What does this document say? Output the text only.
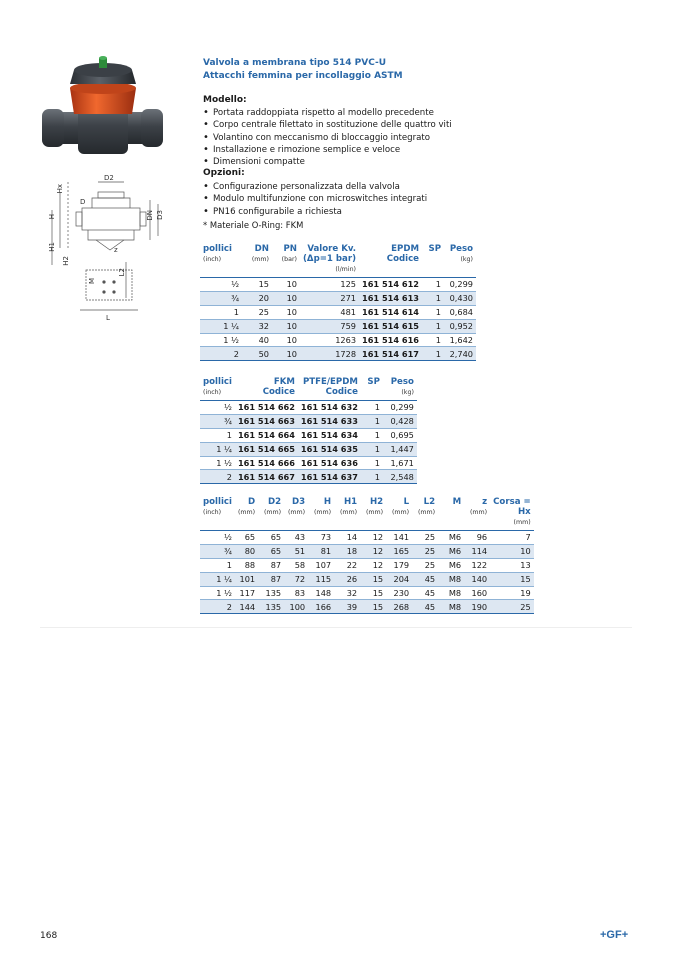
Hx
D2
D
DN D3
H
H1
H2
z
L2
M
L
Valvola a membrana tipo 514 PVC-U
Attacchi femmina per incollaggio ASTM
Modello:
• Portata raddoppiata rispetto al modello precedente
• Corpo centrale filettato in sostituzione delle quattro viti
• Volantino con meccanismo di bloccaggio integrato
• Installazione e rimozione semplice e veloce
• Dimensioni compatte
Opzioni:
• Configurazione personalizzata della valvola
• Modulo multifunzione con microswitches integrati
• PN16 configurabile a richiesta
* Materiale O-Ring: FKM
pollici	DN	PN	Valore Kv.	EPDM	SP	Peso
(inch)	(mm)	(bar)	(Δp=1 bar)	Codice		(kg)
			(l/min)			
½	15	10	125	161 514 612	1	0,299
¾	20	10	271	161 514 613	1	0,430
1	25	10	481	161 514 614	1	0,684
1 ¼	32	10	759	161 514 615	1	0,952
1 ½	40	10	1263	161 514 616	1	1,642
2	50	10	1728	161 514 617	1	2,740
pollici	FKM	PTFE/EPDM	SP	Peso
(inch)	Codice	Codice		(kg)
½	161 514 662	161 514 632	1	0,299
¾	161 514 663	161 514 633	1	0,428
1	161 514 664	161 514 634	1	0,695
1 ¼	161 514 665	161 514 635	1	1,447
1 ½	161 514 666	161 514 636	1	1,671
2	161 514 667	161 514 637	1	2,548
pollici	D	D2	D3	H	H1	H2	L	L2	M	z	Corsa =
(inch)	(mm)	(mm)	(mm)	(mm)	(mm)	(mm)	(mm)	(mm)		(mm)	Hx
											(mm)
½	65	65	43	73	14	12	141	25	M6	96	7
¾	80	65	51	81	18	12	165	25	M6	114	10
1	88	87	58	107	22	12	179	25	M6	122	13
1 ¼	101	87	72	115	26	15	204	45	M8	140	15
1 ½	117	135	83	148	32	15	230	45	M8	160	19
2	144	135	100	166	39	15	268	45	M8	190	25
168	+GF+
